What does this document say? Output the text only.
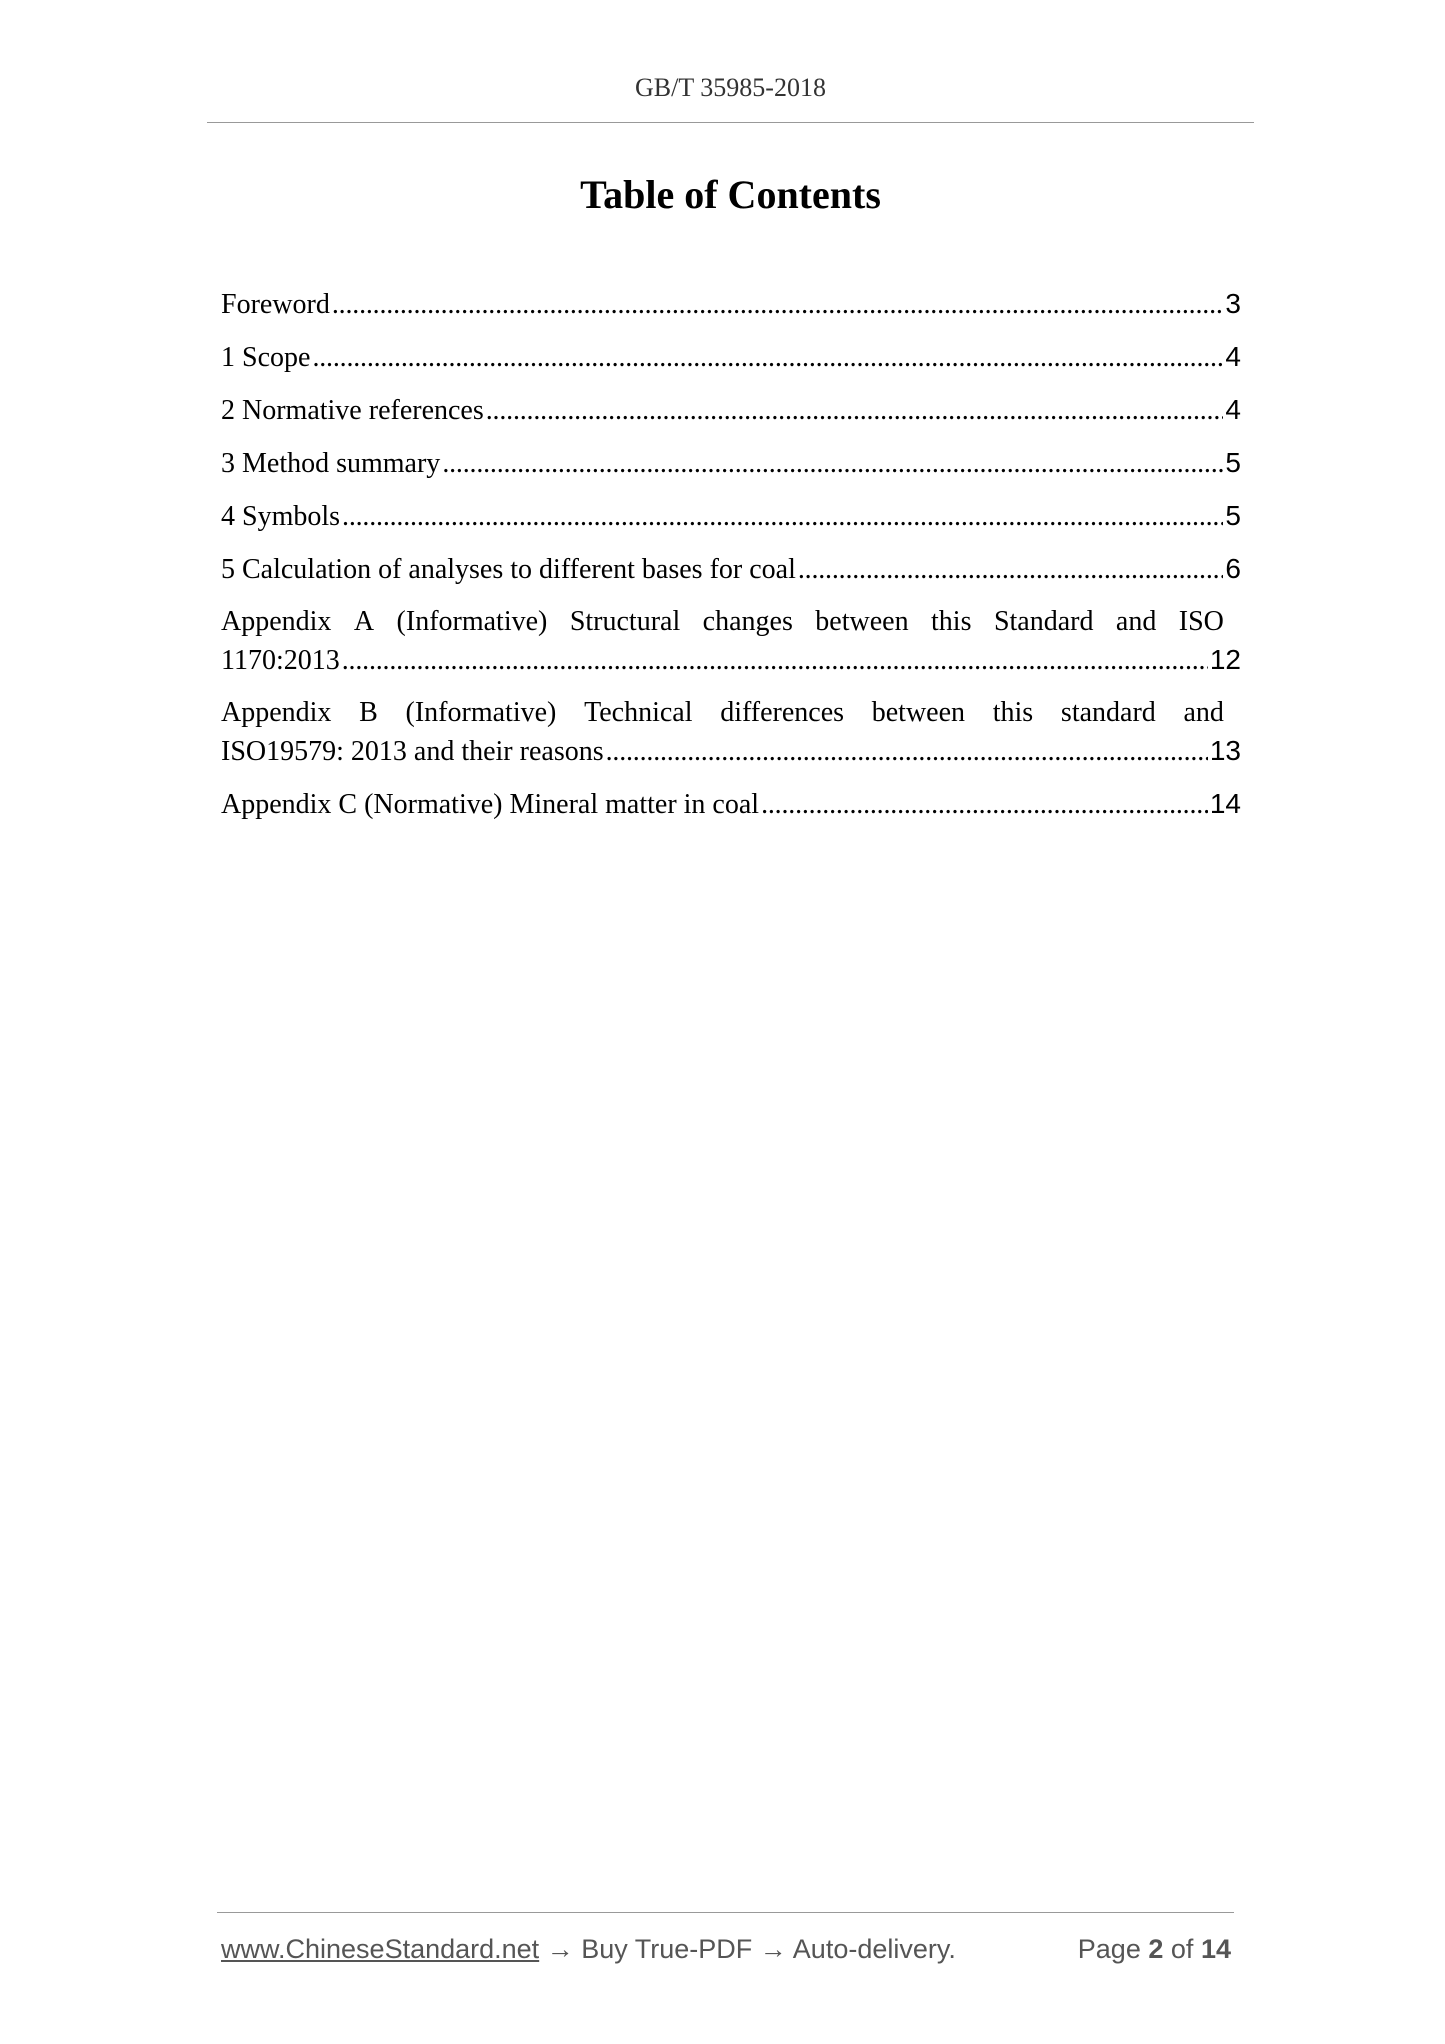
GB/T 35985-2018
Table of Contents
Foreword . . .	3
1 Scope . . .	4
2 Normative references . . .	4
3 Method summary . . .	5
4 Symbols . . .	5
5 Calculation of analyses to different bases for coal . . .	6
Appendix A (Informative) Structural changes between this Standard and ISO
1170:2013 . . .	12
Appendix B (Informative) Technical differences between this standard and
ISO19579: 2013 and their reasons . . .	13
Appendix C (Normative) Mineral matter in coal . . .	14
www.ChineseStandard.net → Buy True-PDF → Auto-delivery.	Page 2 of 14
